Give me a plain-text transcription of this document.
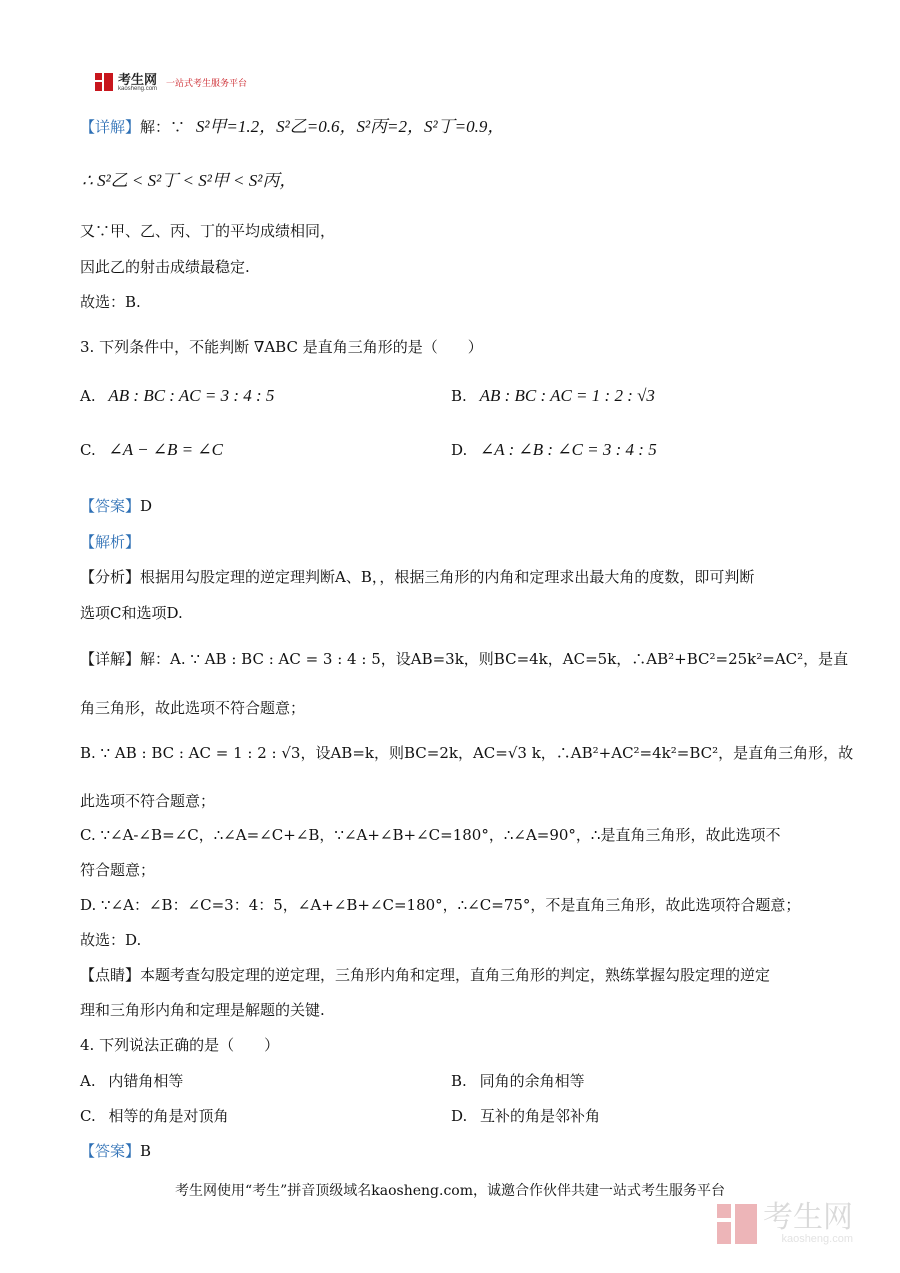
考生网
kaosheng.com
一站式考生服务平台
【详解】解：∵ S²甲=1.2，S²乙=0.6，S²丙=2，S²丁=0.9，
∴ S²乙 < S²丁 < S²甲 < S²丙，
又∵甲、乙、丙、丁的平均成绩相同，
因此乙的射击成绩最稳定.
故选：B.
3. 下列条件中，不能判断 ∇ABC 是直角三角形的是（　　）
A. AB : BC : AC = 3 : 4 : 5	B. AB : BC : AC = 1 : 2 : √3
C. ∠A − ∠B = ∠C	D. ∠A : ∠B : ∠C = 3 : 4 : 5
【答案】D
【解析】
【分析】根据用勾股定理的逆定理判断A、B，，根据三角形的内角和定理求出最大角的度数，即可判断
选项C和选项D.
【详解】解：A. ∵ AB : BC : AC = 3 : 4 : 5，设AB=3k，则BC=4k，AC=5k，∴AB²+BC²=25k²=AC²，是直
角三角形，故此选项不符合题意；
B. ∵ AB : BC : AC = 1 : 2 : √3，设AB=k，则BC=2k，AC=√3 k，∴AB²+AC²=4k²=BC²，是直角三角形，故
此选项不符合题意；
C. ∵∠A-∠B=∠C，∴∠A=∠C+∠B，∵∠A+∠B+∠C=180°，∴∠A=90°，∴是直角三角形，故此选项不
符合题意；
D. ∵∠A：∠B：∠C=3：4：5，∠A+∠B+∠C=180°，∴∠C=75°，不是直角三角形，故此选项符合题意；
故选：D.
【点睛】本题考查勾股定理的逆定理，三角形内角和定理，直角三角形的判定，熟练掌握勾股定理的逆定
理和三角形内角和定理是解题的关键.
4. 下列说法正确的是（　　）
A. 内错角相等	B. 同角的余角相等
C. 相等的角是对顶角	D. 互补的角是邻补角
【答案】B
考生网使用“考生”拼音顶级域名kaosheng.com，诚邀合作伙伴共建一站式考生服务平台
考生网
kaosheng.com
